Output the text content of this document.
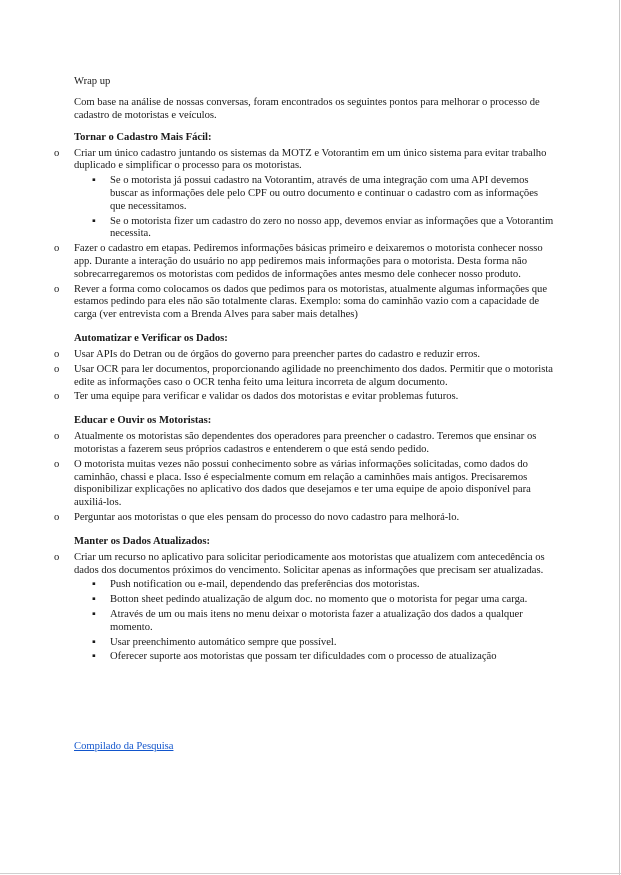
Wrap up
Com base na análise de nossas conversas, foram encontrados os seguintes pontos para melhorar o processo de cadastro de motoristas e veículos.
Tornar o Cadastro Mais Fácil:
o	Criar um único cadastro juntando os sistemas da MOTZ e Votorantim em um único sistema para evitar trabalho duplicado e simplificar o processo para os motoristas.
▪ Se o motorista já possui cadastro na Votorantim, através de uma integração com uma API devemos buscar as informações dele pelo CPF ou outro documento e continuar o cadastro com as informações que necessitamos.
▪ Se o motorista fizer um cadastro do zero no nosso app, devemos enviar as informações que a Votorantim necessita.
o	Fazer o cadastro em etapas. Pediremos informações básicas primeiro e deixaremos o motorista conhecer nosso app. Durante a interação do usuário no app pediremos mais informações para o motorista. Desta forma não sobrecarregaremos os motoristas com pedidos de informações antes mesmo dele conhecer nosso produto.
o	Rever a forma como colocamos os dados que pedimos para os motoristas, atualmente algumas informações que estamos pedindo para eles não são totalmente claras. Exemplo: soma do caminhão vazio com a capacidade de carga (ver entrevista com a Brenda Alves para saber mais detalhes)
Automatizar e Verificar os Dados:
o	Usar APIs do Detran ou de órgãos do governo para preencher partes do cadastro e reduzir erros.
o	Usar OCR para ler documentos, proporcionando agilidade no preenchimento dos dados. Permitir que o motorista edite as informações caso o OCR tenha feito uma leitura incorreta de algum documento.
o	Ter uma equipe para verificar e validar os dados dos motoristas e evitar problemas futuros.
Educar e Ouvir os Motoristas:
o	Atualmente os motoristas são dependentes dos operadores para preencher o cadastro. Teremos que ensinar os motoristas a fazerem seus próprios cadastros e entenderem o que está sendo pedido.
o	O motorista muitas vezes não possui conhecimento sobre as várias informações solicitadas, como dados do caminhão, chassi e placa. Isso é especialmente comum em relação a caminhões mais antigos. Precisaremos disponibilizar explicações no aplicativo dos dados que desejamos e ter uma equipe de apoio disponível para auxiliá-los.
o	Perguntar aos motoristas o que eles pensam do processo do novo cadastro para melhorá-lo.
Manter os Dados Atualizados:
o	Criar um recurso no aplicativo para solicitar periodicamente aos motoristas que atualizem com antecedência os dados dos documentos próximos do vencimento. Solicitar apenas as informações que precisam ser atualizadas.
▪ Push notification ou e-mail, dependendo das preferências dos motoristas.
▪ Botton sheet pedindo atualização de algum doc. no momento que o motorista for pegar uma carga.
▪ Através de um ou mais itens no menu deixar o motorista fazer a atualização dos dados a qualquer momento.
▪ Usar preenchimento automático sempre que possível.
▪ Oferecer suporte aos motoristas que possam ter dificuldades com o processo de atualização
Compilado da Pesquisa
